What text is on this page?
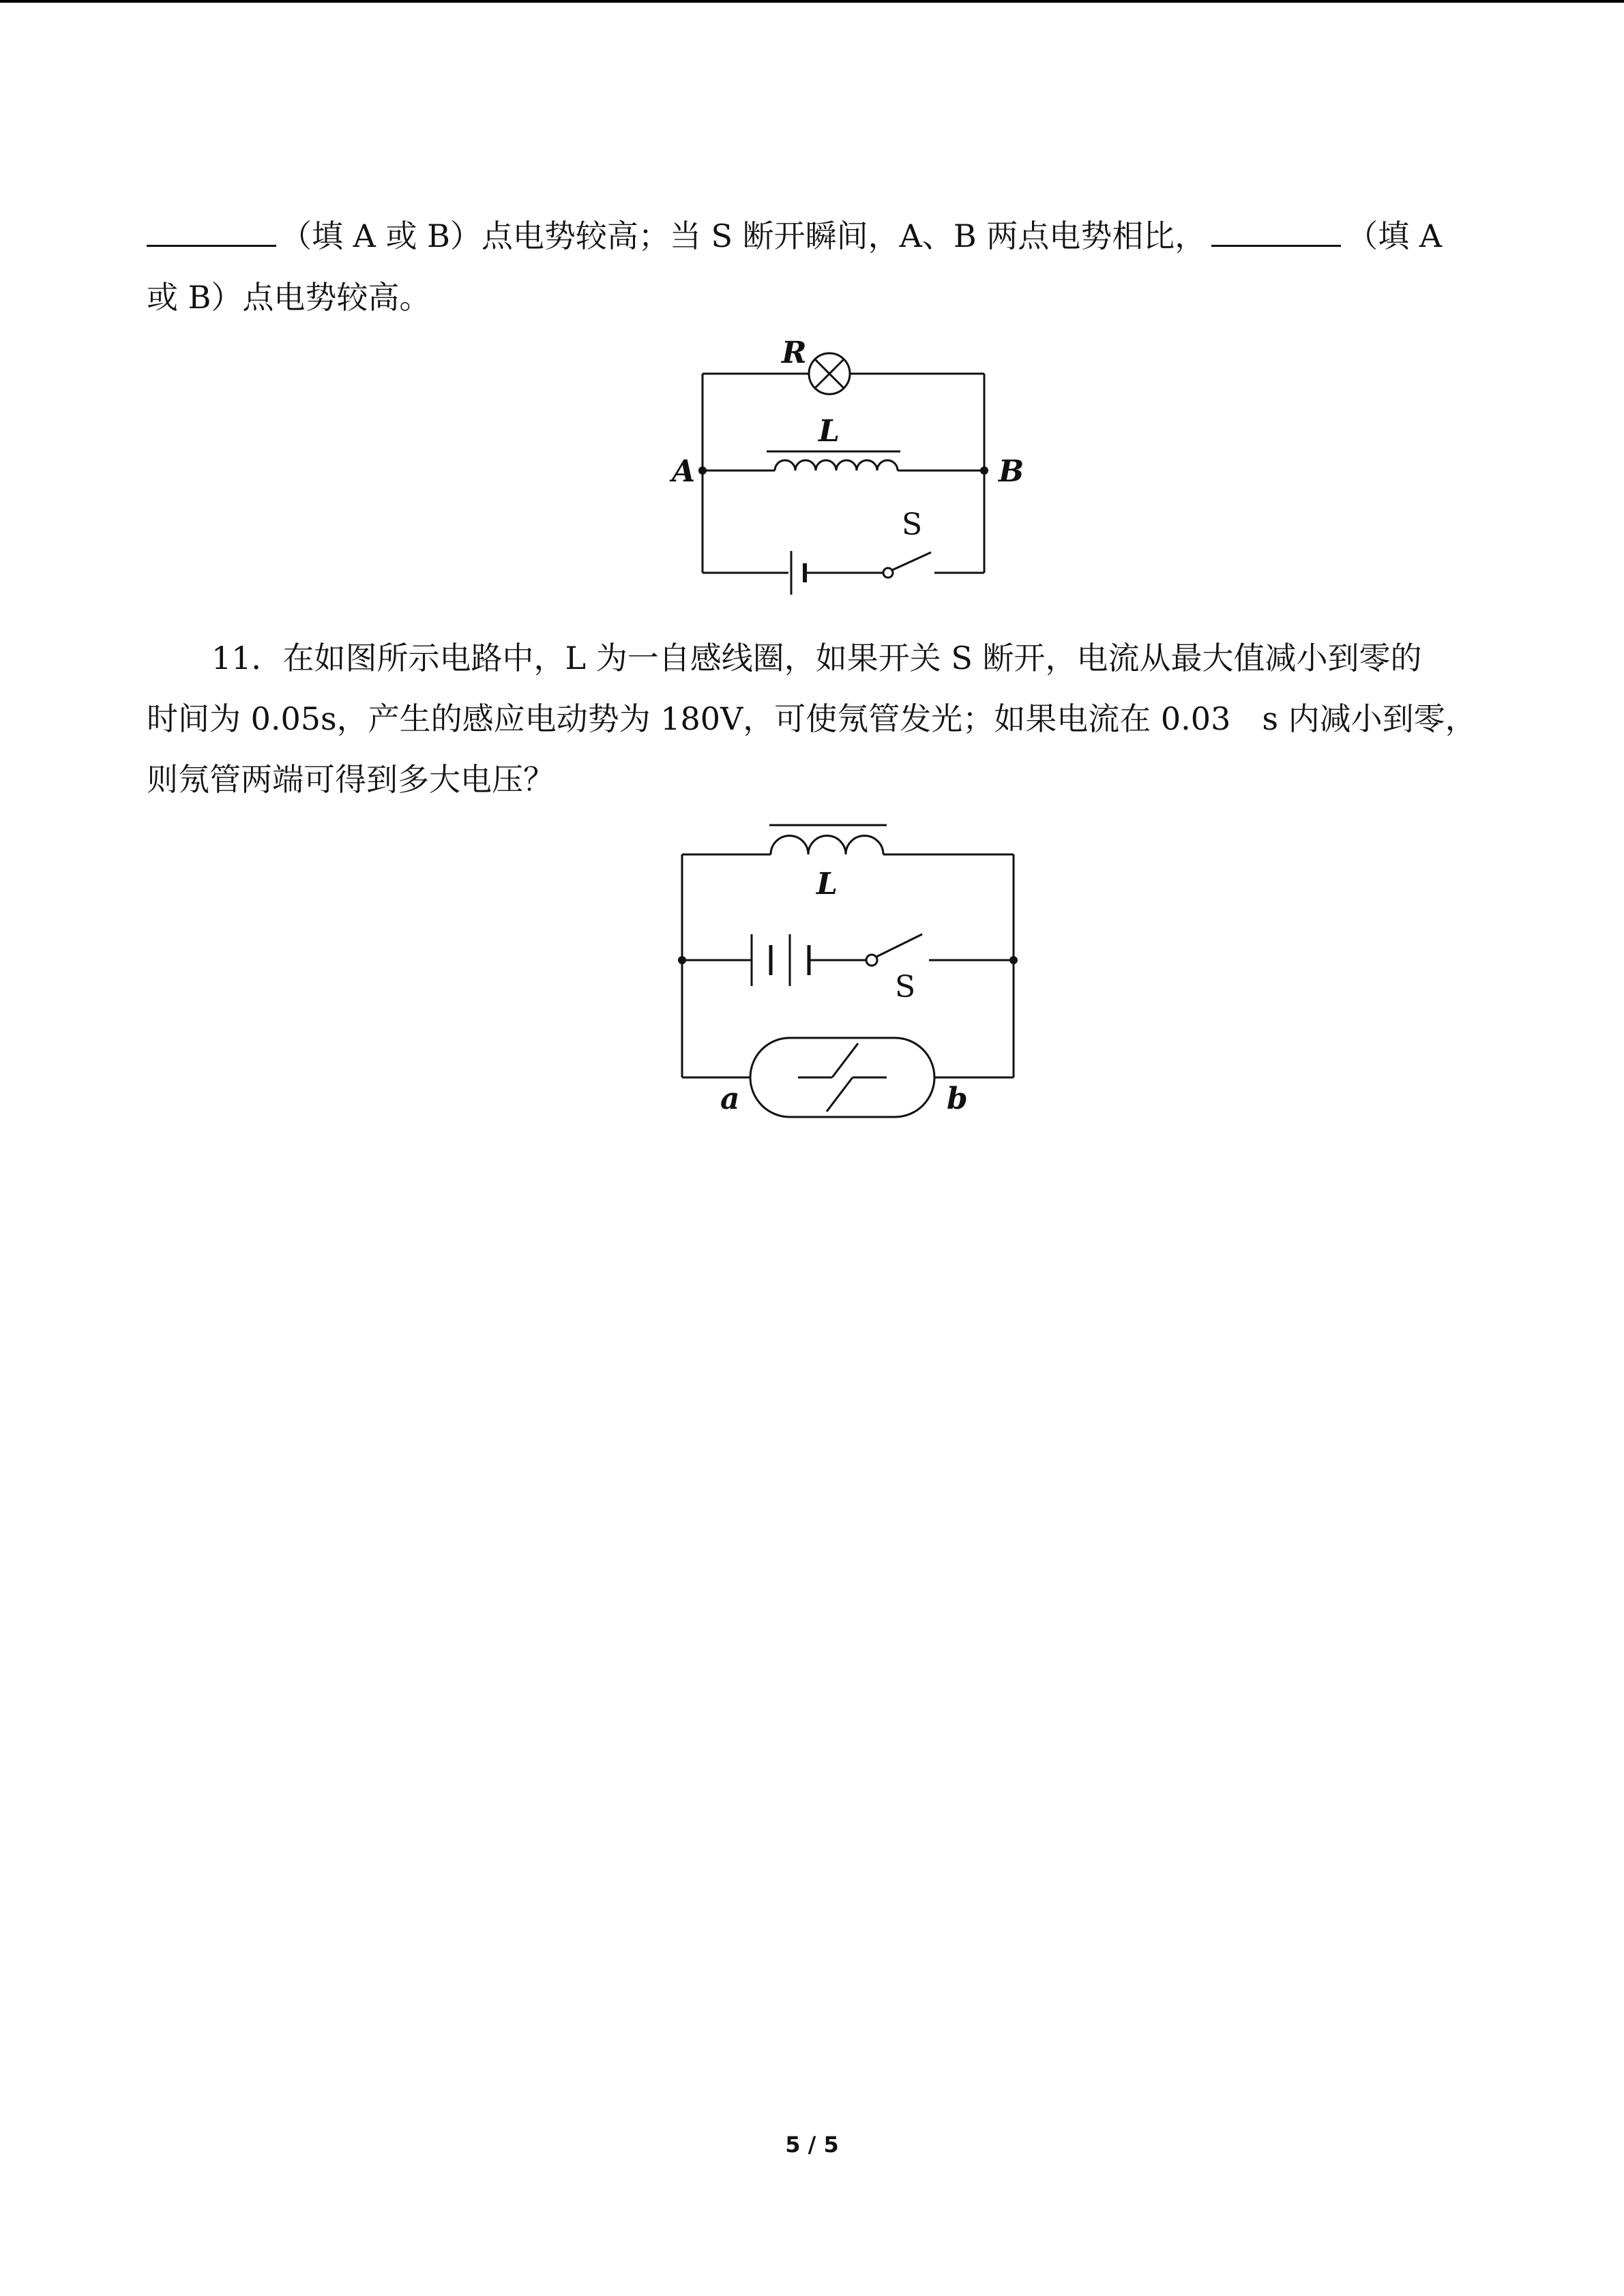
（填 A 或 B）点电势较高；当 S 断开瞬间，A、B 两点电势相比，	（填 A
或 B）点电势较高。
R
L
A	B
S
11．在如图所示电路中，L 为一自感线圈，如果开关 S 断开，电流从最大值减小到零的
时间为 0.05s，产生的感应电动势为 180V，可使氖管发光；如果电流在 0.03　s 内减小到零，
则氖管两端可得到多大电压？
L
S
a	b
5 / 5
